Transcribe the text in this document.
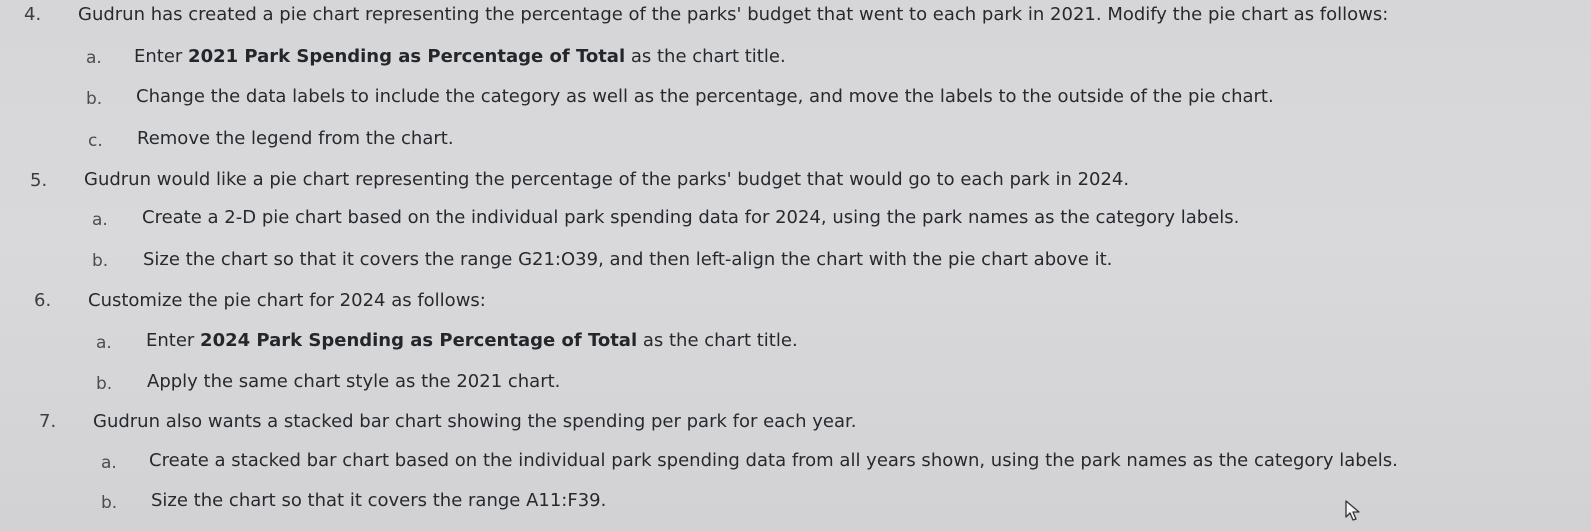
4. Gudrun has created a pie chart representing the percentage of the parks' budget that went to each park in 2021. Modify the pie chart as follows:
a. Enter 2021 Park Spending as Percentage of Total as the chart title.
b. Change the data labels to include the category as well as the percentage, and move the labels to the outside of the pie chart.
c. Remove the legend from the chart.
5. Gudrun would like a pie chart representing the percentage of the parks' budget that would go to each park in 2024.
a. Create a 2-D pie chart based on the individual park spending data for 2024, using the park names as the category labels.
b. Size the chart so that it covers the range G21:O39, and then left-align the chart with the pie chart above it.
6. Customize the pie chart for 2024 as follows:
a. Enter 2024 Park Spending as Percentage of Total as the chart title.
b. Apply the same chart style as the 2021 chart.
7. Gudrun also wants a stacked bar chart showing the spending per park for each year.
a. Create a stacked bar chart based on the individual park spending data from all years shown, using the park names as the category labels.
b. Size the chart so that it covers the range A11:F39.
